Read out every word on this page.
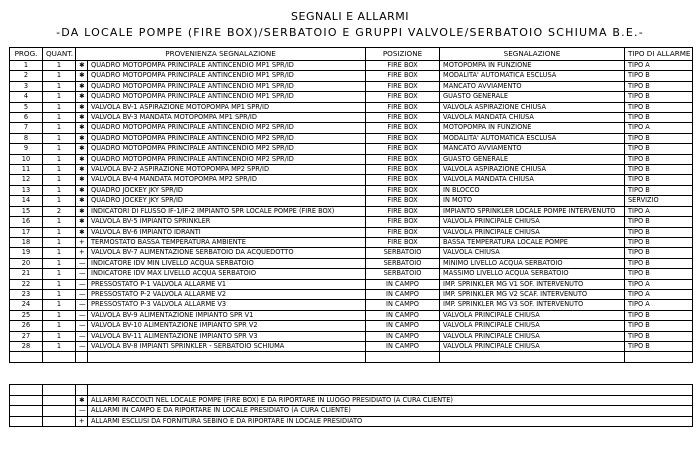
SEGNALI E ALLARMI
-DA LOCALE POMPE (FIRE BOX)/SERBATOIO E GRUPPI VALVOLE/SERBATOIO SCHIUMA B.E.-
PROG.	QUANT.	PROVENIENZA SEGNALAZIONE		POSIZIONE	SEGNALAZIONE	TIPO DI ALLARME
1	1	✱	QUADRO MOTOPOMPA PRINCIPALE ANTINCENDIO MP1 SPR/ID	FIRE BOX	MOTOPOMPA IN FUNZIONE	TIPO A
2	1	✱	QUADRO MOTOPOMPA PRINCIPALE ANTINCENDIO MP1 SPR/ID	FIRE BOX	MODALITA' AUTOMATICA ESCLUSA	TIPO B
3	1	✱	QUADRO MOTOPOMPA PRINCIPALE ANTINCENDIO MP1 SPR/ID	FIRE BOX	MANCATO AVVIAMENTO	TIPO B
4	1	✱	QUADRO MOTOPOMPA PRINCIPALE ANTINCENDIO MP1 SPR/ID	FIRE BOX	GUASTO GENERALE	TIPO B
5	1	✱	VALVOLA BV-1 ASPIRAZIONE MOTOPOMPA MP1 SPR/ID	FIRE BOX	VALVOLA ASPIRAZIONE CHIUSA	TIPO B
6	1	✱	VALVOLA BV-3 MANDATA MOTOPOMPA MP1 SPR/ID	FIRE BOX	VALVOLA MANDATA CHIUSA	TIPO B
7	1	✱	QUADRO MOTOPOMPA PRINCIPALE ANTINCENDIO MP2 SPR/ID	FIRE BOX	MOTOPOMPA IN FUNZIONE	TIPO A
8	1	✱	QUADRO MOTOPOMPA PRINCIPALE ANTINCENDIO MP2 SPR/ID	FIRE BOX	MODALITA' AUTOMATICA ESCLUSA	TIPO B
9	1	✱	QUADRO MOTOPOMPA PRINCIPALE ANTINCENDIO MP2 SPR/ID	FIRE BOX	MANCATO AVVIAMENTO	TIPO B
10	1	✱	QUADRO MOTOPOMPA PRINCIPALE ANTINCENDIO MP2 SPR/ID	FIRE BOX	GUASTO GENERALE	TIPO B
11	1	✱	VALVOLA BV-2 ASPIRAZIONE MOTOPOMPA MP2 SPR/ID	FIRE BOX	VALVOLA ASPIRAZIONE CHIUSA	TIPO B
12	1	✱	VALVOLA BV-4 MANDATA MOTOPOMPA MP2 SPR/ID	FIRE BOX	VALVOLA MANDATA CHIUSA	TIPO B
13	1	✱	QUADRO JOCKEY JKY SPR/ID	FIRE BOX	IN BLOCCO	TIPO B
14	1	✱	QUADRO JOCKEY JKY SPR/ID	FIRE BOX	IN MOTO	SERVIZIO
15	2	✱	INDICATORI DI FLUSSO IF-1/IF-2 IMPIANTO SPR LOCALE POMPE (FIRE BOX)	FIRE BOX	IMPIANTO SPRINKLER LOCALE POMPE INTERVENUTO	TIPO A
16	1	✱	VALVOLA BV-5 IMPIANTO SPRINKLER	FIRE BOX	VALVOLA PRINCIPALE CHIUSA	TIPO B
17	1	✱	VALVOLA BV-6 IMPIANTO IDRANTI	FIRE BOX	VALVOLA PRINCIPALE CHIUSA	TIPO B
18	1	+	TERMOSTATO BASSA TEMPERATURA AMBIENTE	FIRE BOX	BASSA TEMPERATURA LOCALE POMPE	TIPO B
19	1	+	VALVOLA BV-7 ALIMENTAZIONE SERBATOIO DA ACQUEDOTTO	SERBATOIO	VALVOLA CHIUSA	TIPO B
20	1	—	INDICATORE IDV MIN LIVELLO ACQUA SERBATOIO	SERBATOIO	MINIMO LIVELLO ACQUA SERBATOIO	TIPO B
21	1	—	INDICATORE IDV MAX LIVELLO ACQUA SERBATOIO	SERBATOIO	MASSIMO LIVELLO ACQUA SERBATOIO	TIPO B
22	1	—	PRESSOSTATO P-1 VALVOLA ALLARME V1	IN CAMPO	IMP. SPRINKLER MG V1 SOF. INTERVENUTO	TIPO A
23	1	—	PRESSOSTATO P-2 VALVOLA ALLARME V2	IN CAMPO	IMP. SPRINKLER MG V2 SCAF. INTERVENUTO	TIPO A
24	1	—	PRESSOSTATO P-3 VALVOLA ALLARME V3	IN CAMPO	IMP. SPRINKLER MG V3 SOF. INTERVENUTO	TIPO A
25	1	—	VALVOLA BV-9 ALIMENTAZIONE IMPIANTO SPR V1	IN CAMPO	VALVOLA PRINCIPALE CHIUSA	TIPO B
26	1	—	VALVOLA BV-10 ALIMENTAZIONE IMPIANTO SPR V2	IN CAMPO	VALVOLA PRINCIPALE CHIUSA	TIPO B
27	1	—	VALVOLA BV-11 ALIMENTAZIONE IMPIANTO SPR V3	IN CAMPO	VALVOLA PRINCIPALE CHIUSA	TIPO B
28	1	—	VALVOLA BV-8 IMPIANTI SPRINKLER - SERBATOIO SCHIUMA	IN CAMPO	VALVOLA PRINCIPALE CHIUSA	TIPO B

		✱	ALLARMI RACCOLTI NEL LOCALE POMPE (FIRE BOX) E DA RIPORTARE IN LUOGO PRESIDIATO (A CURA CLIENTE)
		—	ALLARMI IN CAMPO E DA RIPORTARE IN LOCALE PRESIDIATO (A CURA CLIENTE)
		+	ALLARMI ESCLUSI DA FORNITURA SEBINO E DA RIPORTARE IN LOCALE PRESIDIATO
